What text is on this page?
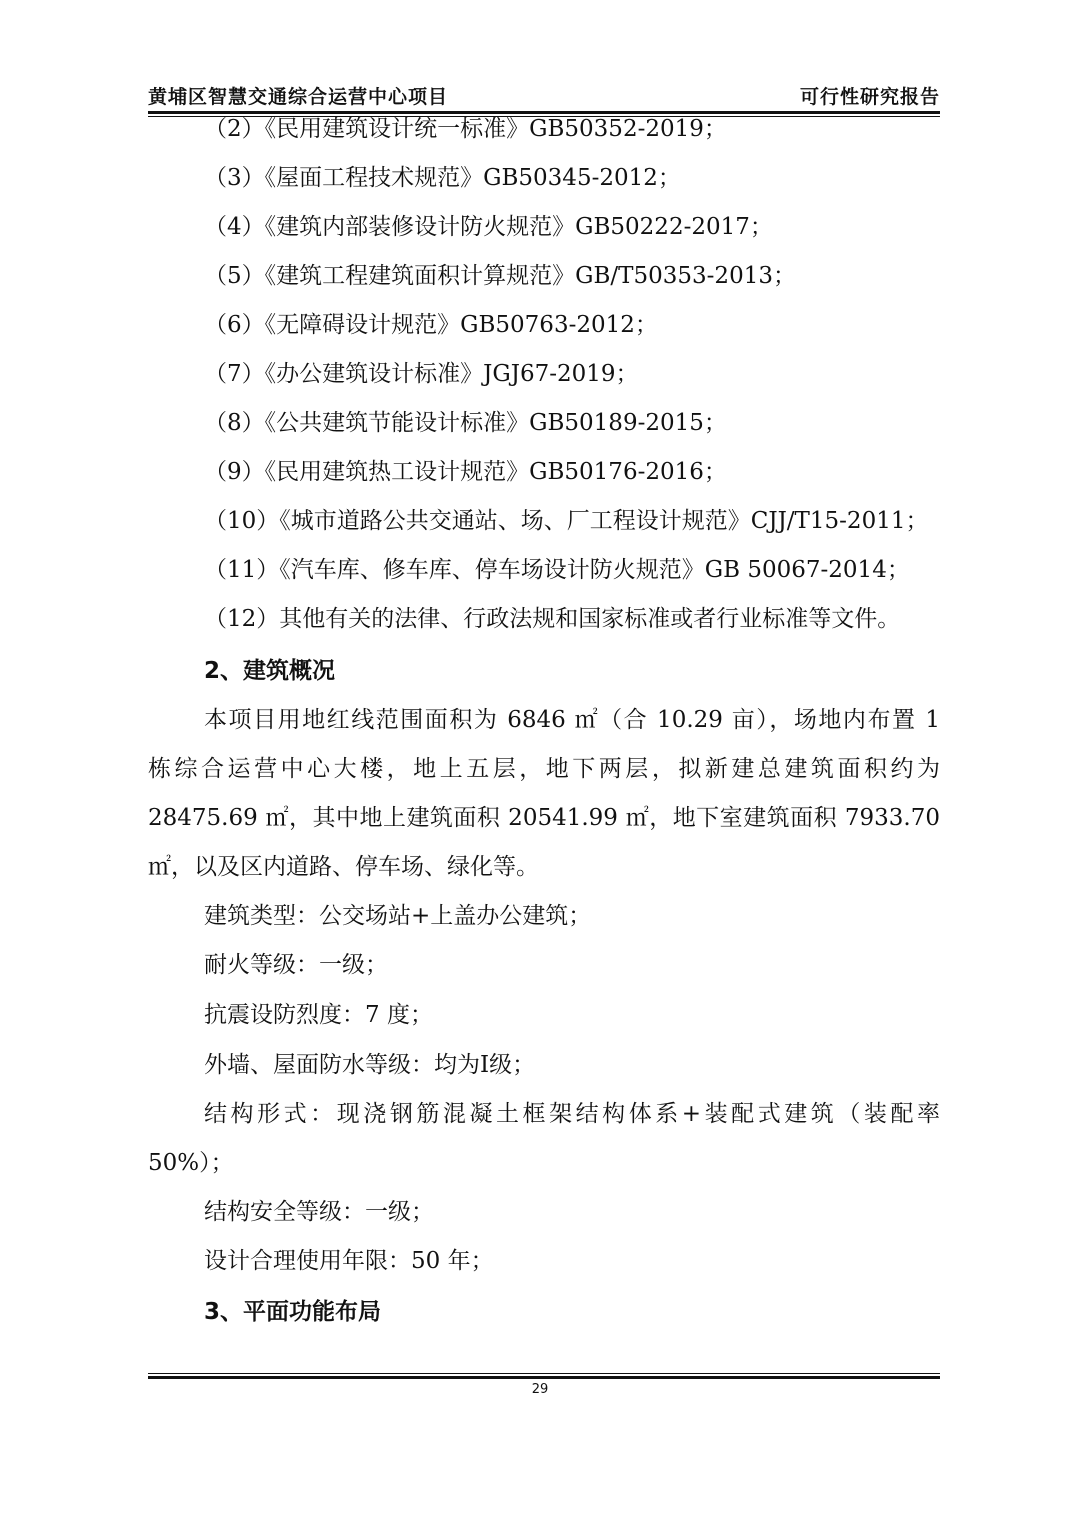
黄埔区智慧交通综合运营中心项目	可行性研究报告
（2）《民用建筑设计统一标准》GB50352-2019；
（3）《屋面工程技术规范》GB50345-2012；
（4）《建筑内部装修设计防火规范》GB50222-2017；
（5）《建筑工程建筑面积计算规范》GB/T50353-2013；
（6）《无障碍设计规范》GB50763-2012；
（7）《办公建筑设计标准》JGJ67-2019；
（8）《公共建筑节能设计标准》GB50189-2015；
（9）《民用建筑热工设计规范》GB50176-2016；
（10）《城市道路公共交通站、场、厂工程设计规范》CJJ/T15-2011；
（11）《汽车库、修车库、停车场设计防火规范》GB 50067-2014；
（12）其他有关的法律、行政法规和国家标准或者行业标准等文件。
2、建筑概况
本项目用地红线范围面积为 6846 ㎡（合 10.29 亩），场地内布置 1
栋综合运营中心大楼，地上五层，地下两层，拟新建总建筑面积约为
28475.69 ㎡，其中地上建筑面积 20541.99 ㎡，地下室建筑面积 7933.70
㎡，以及区内道路、停车场、绿化等。
建筑类型：公交场站+上盖办公建筑；
耐火等级：一级；
抗震设防烈度：7 度；
外墙、屋面防水等级：均为Ⅰ级；
结构形式：现浇钢筋混凝土框架结构体系+装配式建筑（装配率
50%）；
结构安全等级：一级；
设计合理使用年限：50 年；
3、平面功能布局
29
